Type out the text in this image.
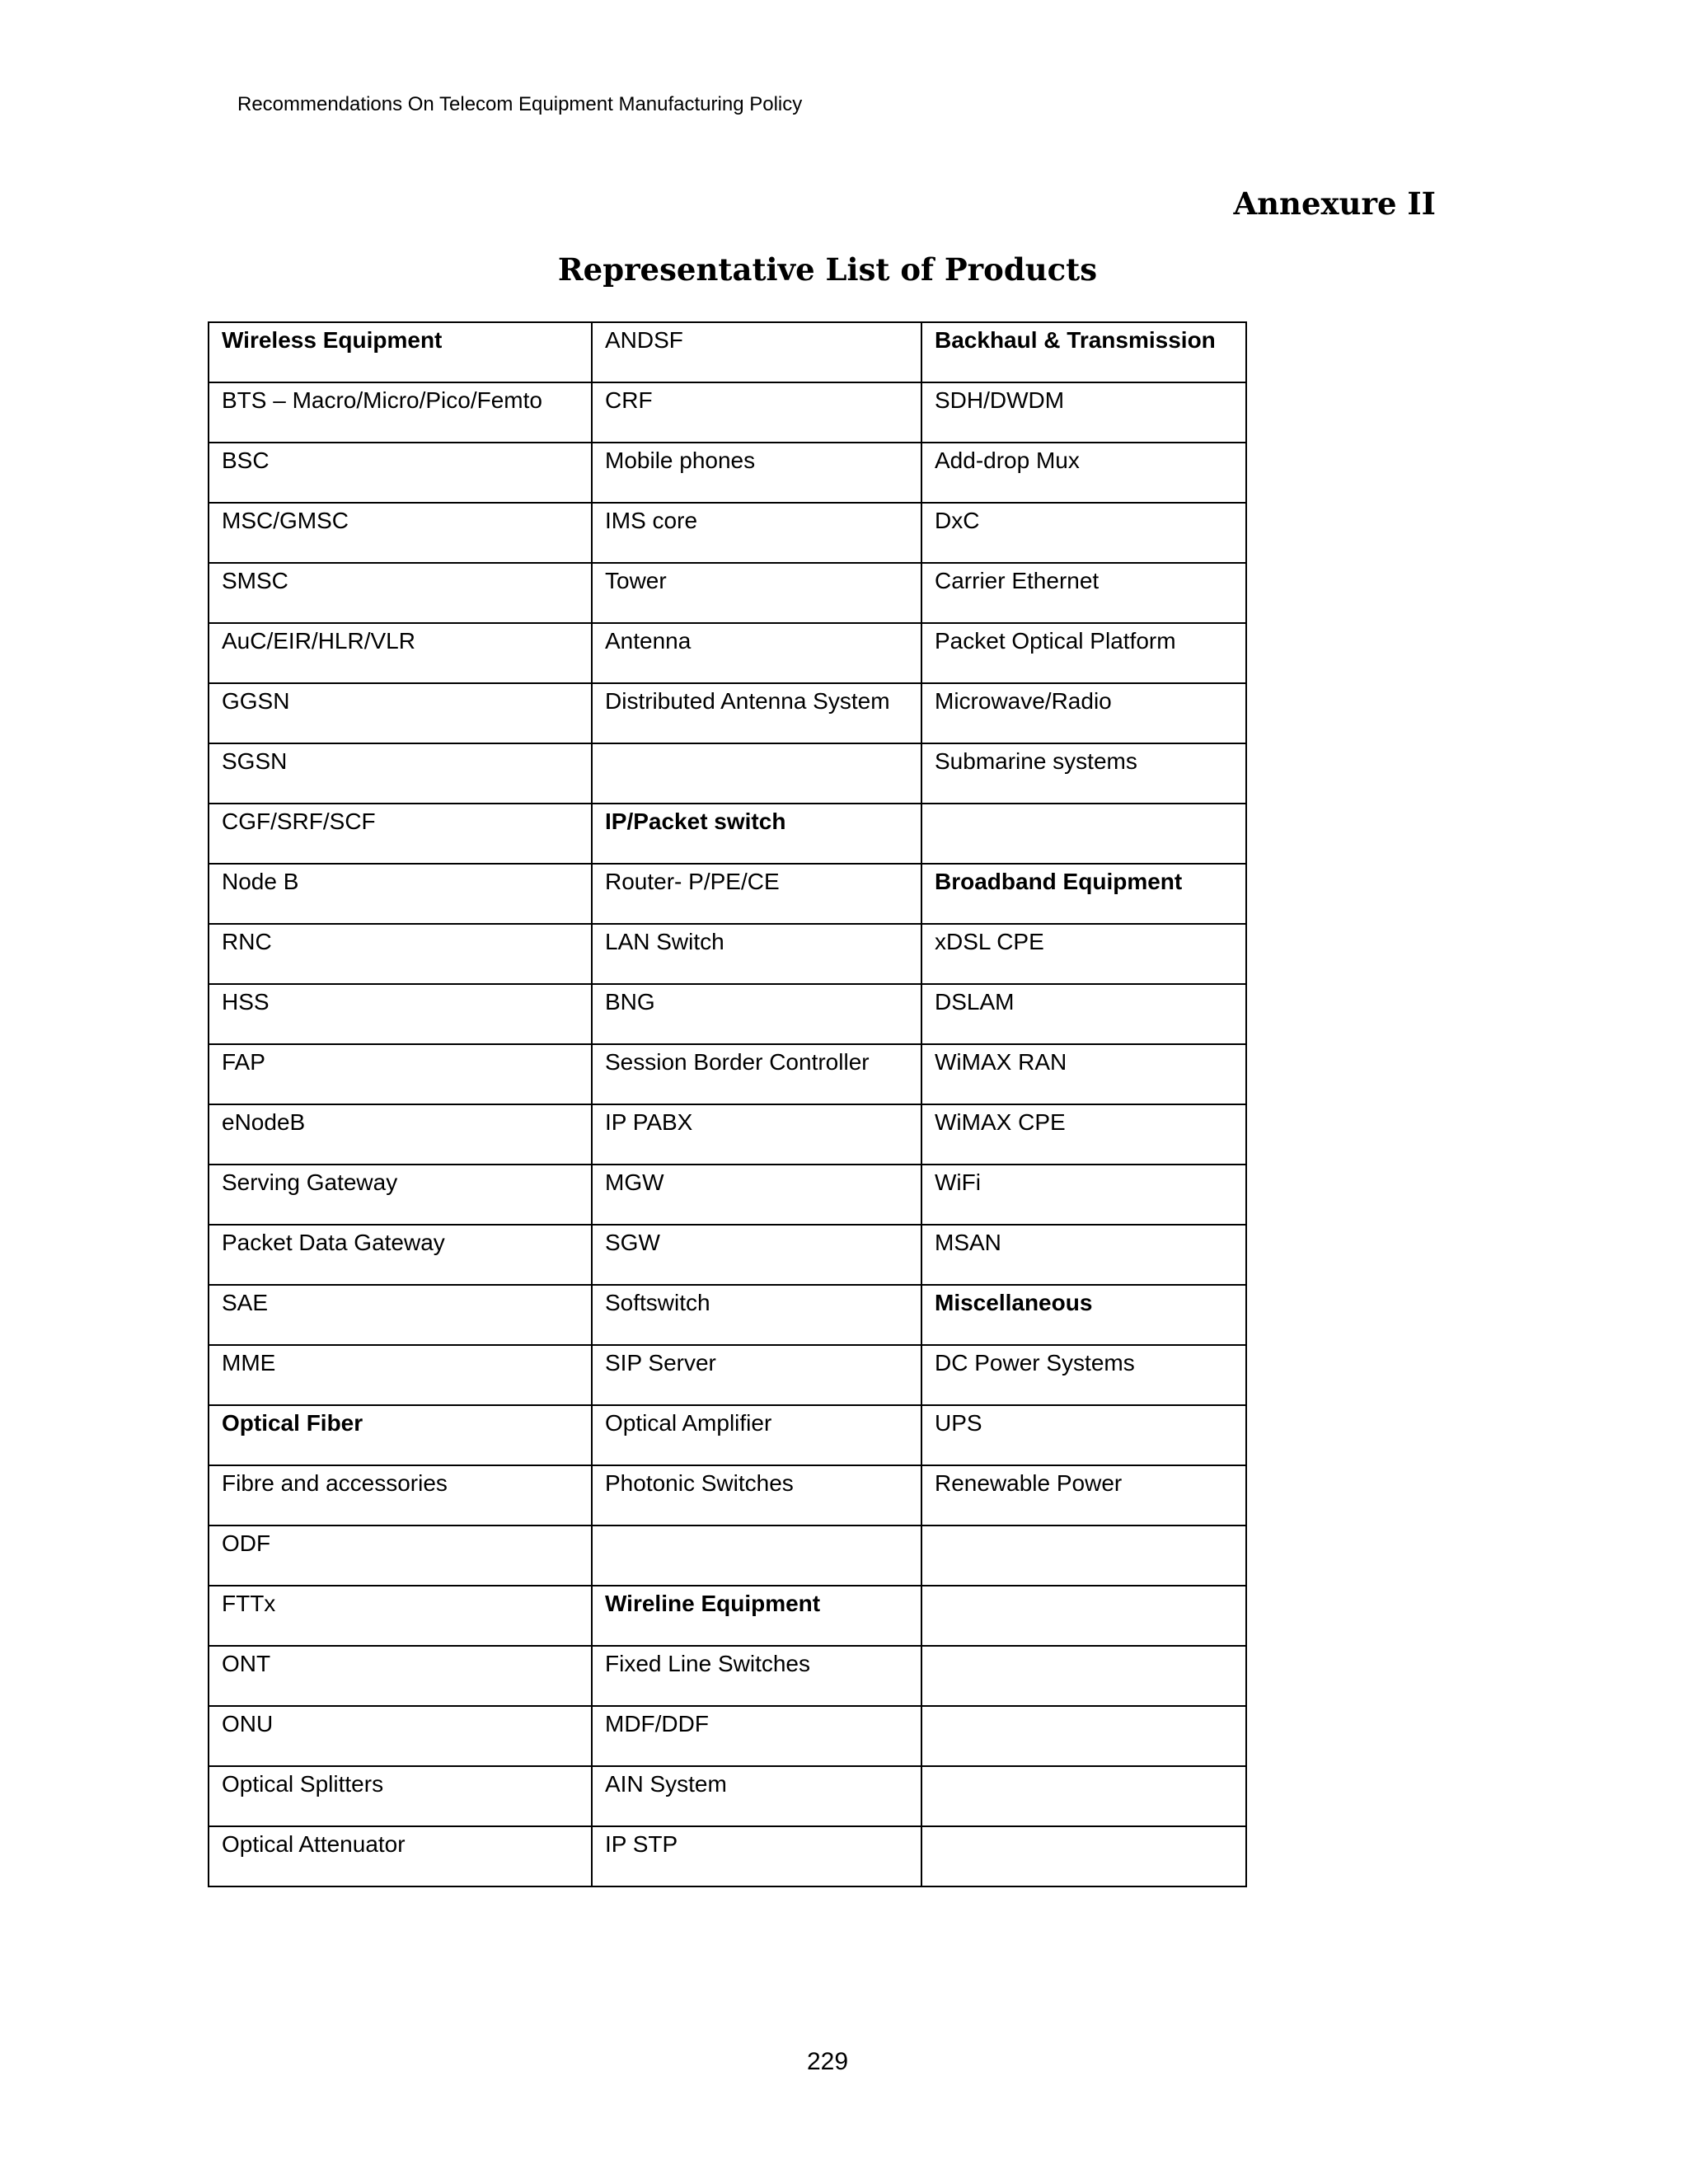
Recommendations On Telecom Equipment Manufacturing Policy
Annexure II
Representative List of Products
Wireless Equipment	ANDSF	Backhaul & Transmission
BTS – Macro/Micro/Pico/Femto	CRF	SDH/DWDM
BSC	Mobile phones	Add-drop Mux
MSC/GMSC	IMS core	DxC
SMSC	Tower	Carrier Ethernet
AuC/EIR/HLR/VLR	Antenna	Packet Optical Platform
GGSN	Distributed Antenna System	Microwave/Radio
SGSN		Submarine systems
CGF/SRF/SCF	IP/Packet switch	
Node B	Router- P/PE/CE	Broadband Equipment
RNC	LAN Switch	xDSL CPE
HSS	BNG	DSLAM
FAP	Session Border Controller	WiMAX RAN
eNodeB	IP PABX	WiMAX CPE
Serving Gateway	MGW	WiFi
Packet Data Gateway	SGW	MSAN
SAE	Softswitch	Miscellaneous
MME	SIP Server	DC Power Systems
Optical Fiber	Optical Amplifier	UPS
Fibre and accessories	Photonic Switches	Renewable Power
ODF		
FTTx	Wireline Equipment	
ONT	Fixed Line Switches	
ONU	MDF/DDF	
Optical Splitters	AIN System	
Optical Attenuator	IP STP	
229
